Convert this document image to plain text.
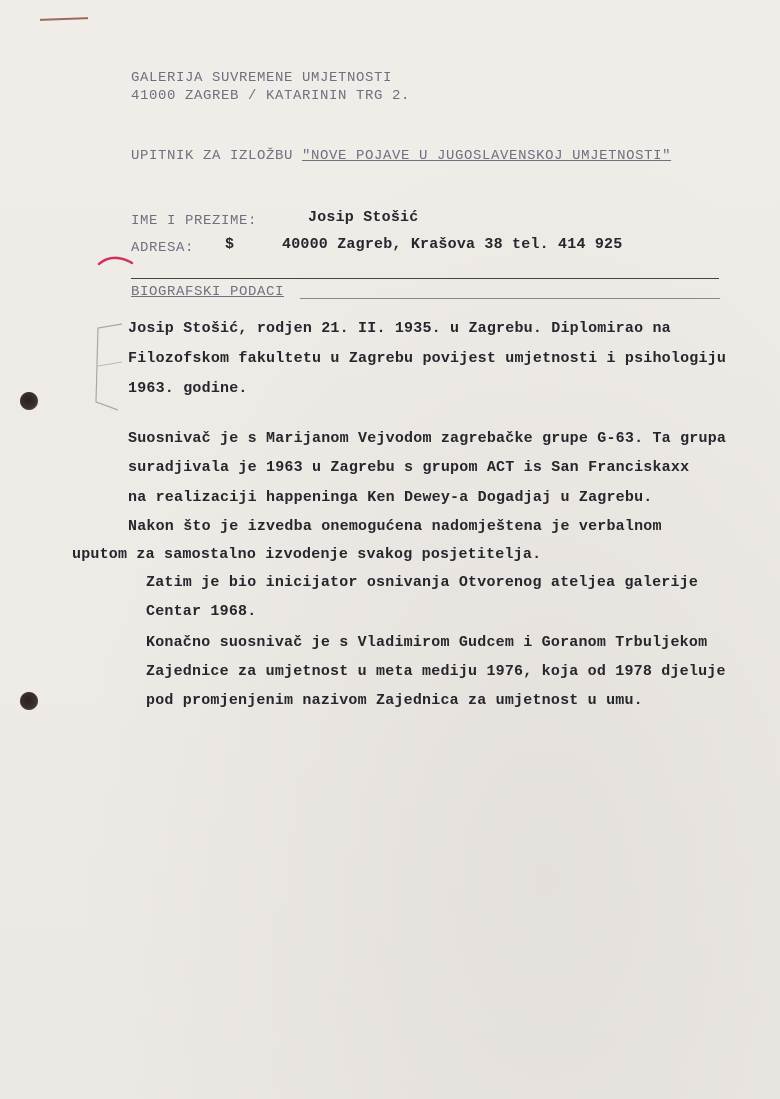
GALERIJA SUVREMENE UMJETNOSTI
41000 ZAGREB / KATARININ TRG 2.
UPITNIK ZA IZLOŽBU "NOVE POJAVE U JUGOSLAVENSKOJ UMJETNOSTI"
IME I PREZIME:	Josip Stošić
ADRESA: $	40000 Zagreb, Krašova 38 tel. 414 925
BIOGRAFSKI PODACI
Josip Stošić, rodjen 21. II. 1935. u Zagrebu. Diplomirao na
Filozofskom fakultetu u Zagrebu povijest umjetnosti i psihologiju
1963. godine.
Suosnivač je s Marijanom Vejvodom zagrebačke grupe G-63. Ta grupa
suradjivala je 1963 u Zagrebu s grupom ACT is San Franciskaxx
na realizaciji happeninga Ken Dewey-a Dogadjaj u Zagrebu.
Nakon što je izvedba onemogućena nadomještena je verbalnom
uputom za samostalno izvodenje svakog posjetitelja.
Zatim je bio inicijator osnivanja Otvorenog ateljea galerije
Centar 1968.
Konačno suosnivač je s Vladimirom Gudcem i Goranom Trbuljekom
Zajednice za umjetnost u meta mediju 1976, koja od 1978 djeluje
pod promjenjenim nazivom Zajednica za umjetnost u umu.
